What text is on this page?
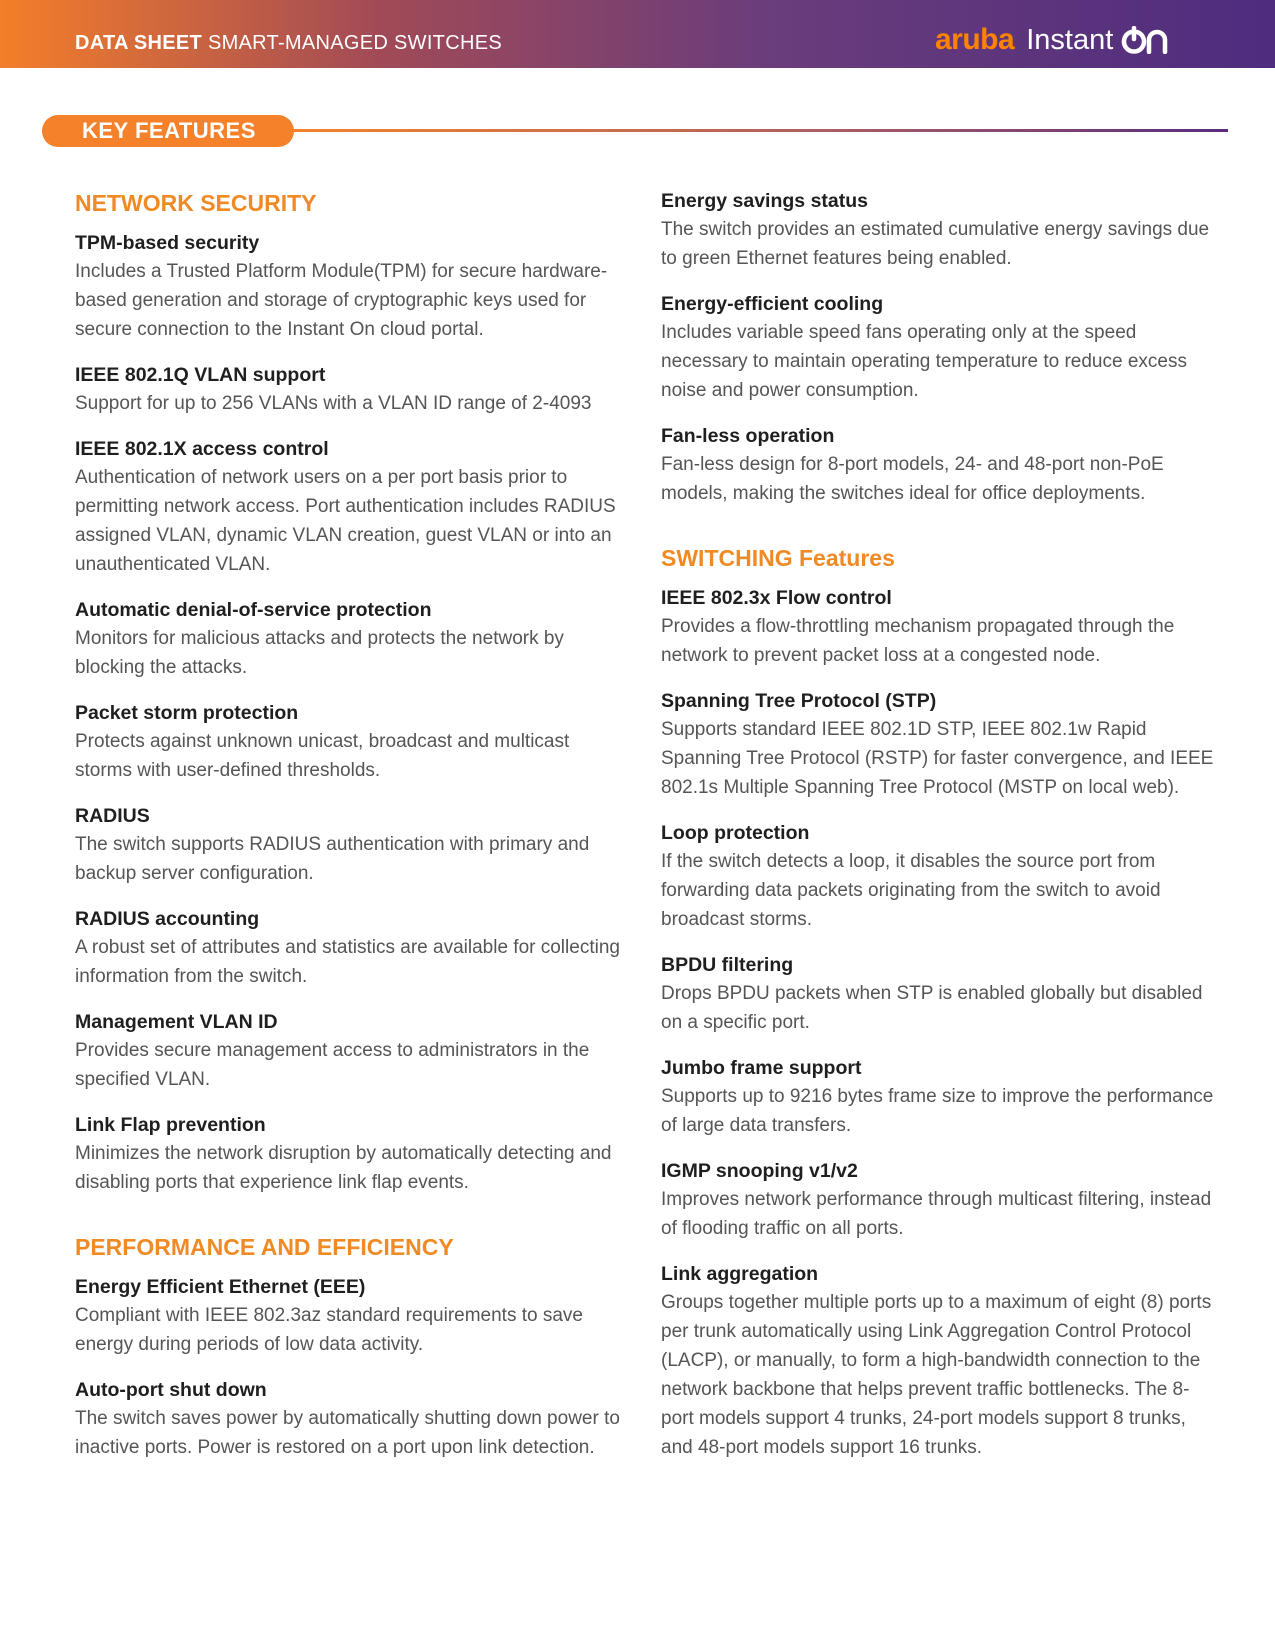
DATA SHEET SMART-MANAGED SWITCHES	aruba Instant
KEY FEATURES
NETWORK SECURITY
TPM-based security
Includes a Trusted Platform Module(TPM) for secure hardware-based generation and storage of cryptographic keys used for secure connection to the Instant On cloud portal.
IEEE 802.1Q VLAN support
Support for up to 256 VLANs with a VLAN ID range of 2-4093
IEEE 802.1X access control
Authentication of network users on a per port basis prior to permitting network access. Port authentication includes RADIUS assigned VLAN, dynamic VLAN creation, guest VLAN or into an unauthenticated VLAN.
Automatic denial-of-service protection
Monitors for malicious attacks and protects the network by blocking the attacks.
Packet storm protection
Protects against unknown unicast, broadcast and multicast storms with user-defined thresholds.
RADIUS
The switch supports RADIUS authentication with primary and backup server configuration.
RADIUS accounting
A robust set of attributes and statistics are available for collecting information from the switch.
Management VLAN ID
Provides secure management access to administrators in the specified VLAN.
Link Flap prevention
Minimizes the network disruption by automatically detecting and disabling ports that experience link flap events.
PERFORMANCE AND EFFICIENCY
Energy Efficient Ethernet (EEE)
Compliant with IEEE 802.3az standard requirements to save energy during periods of low data activity.
Auto-port shut down
The switch saves power by automatically shutting down power to inactive ports. Power is restored on a port upon link detection.
Energy savings status
The switch provides an estimated cumulative energy savings due to green Ethernet features being enabled.
Energy-efficient cooling
Includes variable speed fans operating only at the speed necessary to maintain operating temperature to reduce excess noise and power consumption.
Fan-less operation
Fan-less design for 8-port models, 24- and 48-port non-PoE models, making the switches ideal for office deployments.
SWITCHING Features
IEEE 802.3x Flow control
Provides a flow-throttling mechanism propagated through the network to prevent packet loss at a congested node.
Spanning Tree Protocol (STP)
Supports standard IEEE 802.1D STP, IEEE 802.1w Rapid Spanning Tree Protocol (RSTP) for faster convergence, and IEEE 802.1s Multiple Spanning Tree Protocol (MSTP on local web).
Loop protection
If the switch detects a loop, it disables the source port from forwarding data packets originating from the switch to avoid broadcast storms.
BPDU filtering
Drops BPDU packets when STP is enabled globally but disabled on a specific port.
Jumbo frame support
Supports up to 9216 bytes frame size to improve the performance of large data transfers.
IGMP snooping v1/v2
Improves network performance through multicast filtering, instead of flooding traffic on all ports.
Link aggregation
Groups together multiple ports up to a maximum of eight (8) ports per trunk automatically using Link Aggregation Control Protocol (LACP), or manually, to form a high-bandwidth connection to the network backbone that helps prevent traffic bottlenecks. The 8-port models support 4 trunks, 24-port models support 8 trunks, and 48-port models support 16 trunks.
